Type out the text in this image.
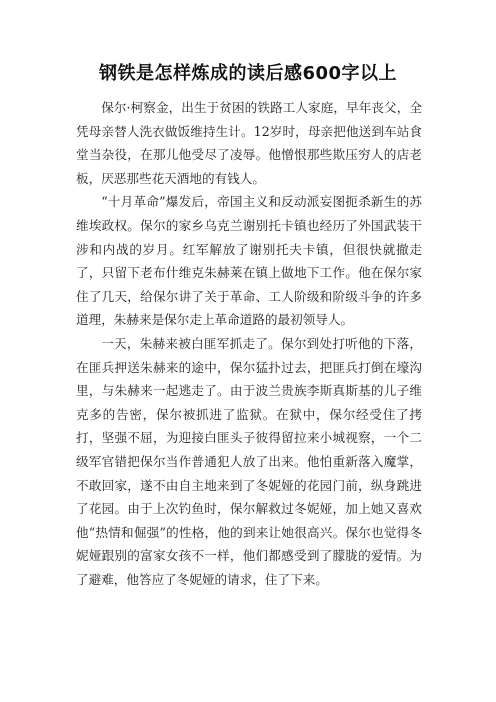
钢铁是怎样炼成的读后感600字以上

保尔·柯察金，出生于贫困的铁路工人家庭，早年丧父，全凭母亲替人洗衣做饭维持生计。12岁时，母亲把他送到车站食堂当杂役，在那儿他受尽了凌辱。他憎恨那些欺压穷人的店老板，厌恶那些花天酒地的有钱人。

“十月革命”爆发后，帝国主义和反动派妄图扼杀新生的苏维埃政权。保尔的家乡乌克兰谢别托卡镇也经历了外国武装干涉和内战的岁月。红军解放了谢别托夫卡镇，但很快就撤走了，只留下老布什维克朱赫莱在镇上做地下工作。他在保尔家住了几天，给保尔讲了关于革命、工人阶级和阶级斗争的许多道理，朱赫来是保尔走上革命道路的最初领导人。

一天，朱赫来被白匪军抓走了。保尔到处打听他的下落，在匪兵押送朱赫来的途中，保尔猛扑过去，把匪兵打倒在壕沟里，与朱赫来一起逃走了。由于波兰贵族李斯真斯基的儿子维克多的告密，保尔被抓进了监狱。在狱中，保尔经受住了拷打，坚强不屈，为迎接白匪头子彼得留拉来小城视察，一个二级军官错把保尔当作普通犯人放了出来。他怕重新落入魔掌，不敢回家，遂不由自主地来到了冬妮娅的花园门前，纵身跳进了花园。由于上次钓鱼时，保尔解救过冬妮娅，加上她又喜欢他“热情和倔强”的性格，他的到来让她很高兴。保尔也觉得冬妮娅跟别的富家女孩不一样，他们都感受到了朦胧的爱情。为了避难，他答应了冬妮娅的请求，住了下来。
